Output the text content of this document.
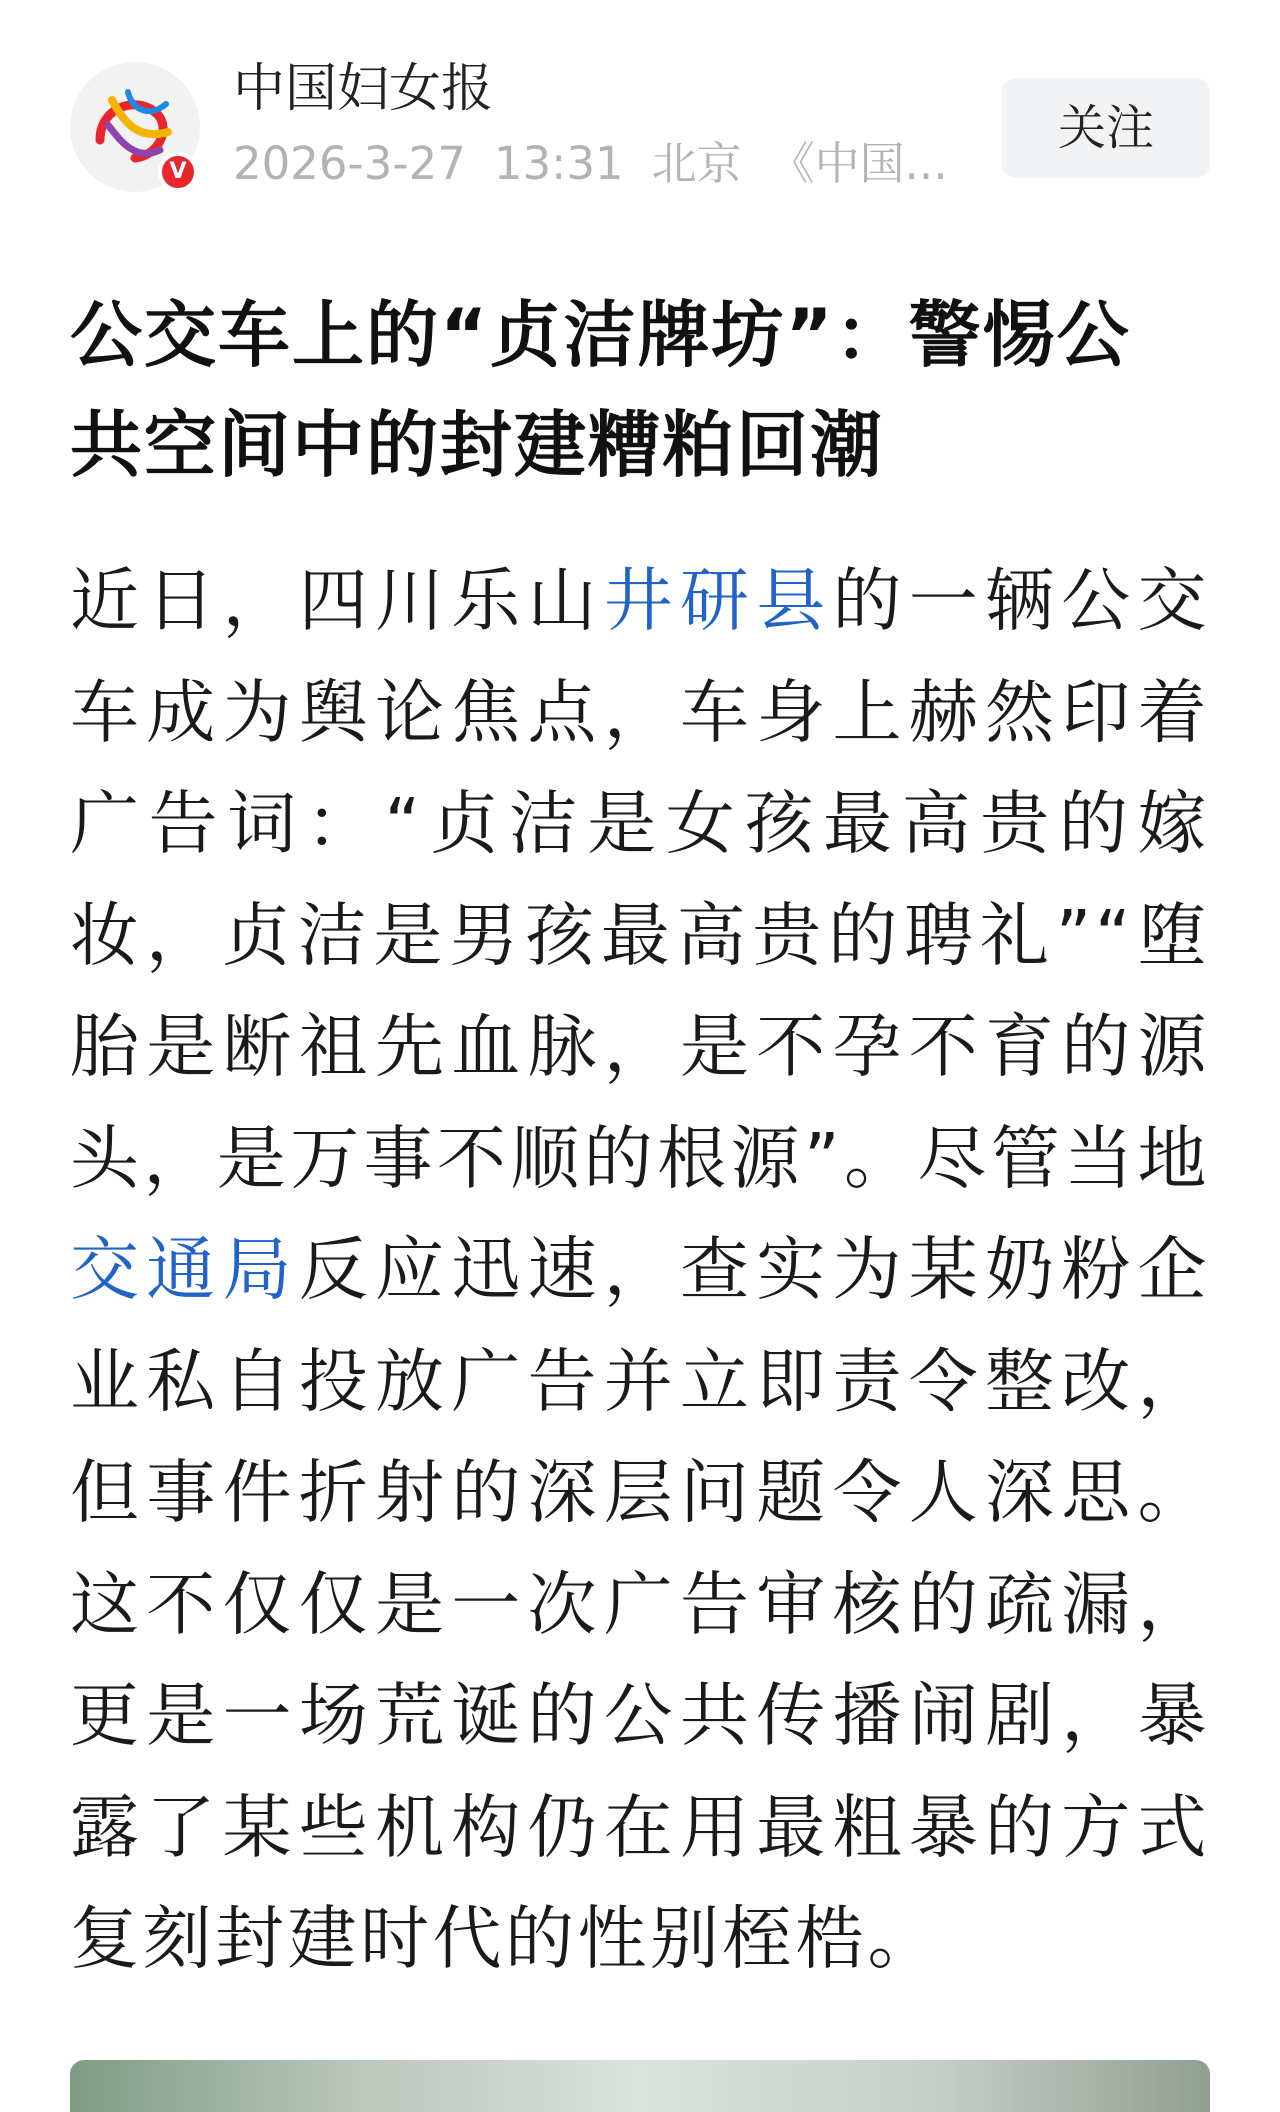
V
中国妇女报
2026-3-27 13:31 北京 《中国...
关注
公交车上的“贞洁牌坊”：警惕公共空间中的封建糟粕回潮

近日，四川乐山井研县的一辆公交车成为舆论焦点，车身上赫然印着广告词：“贞洁是女孩最高贵的嫁妆，贞洁是男孩最高贵的聘礼”“堕胎是断祖先血脉，是不孕不育的源头，是万事不顺的根源”。尽管当地交通局反应迅速，查实为某奶粉企业私自投放广告并立即责令整改，但事件折射的深层问题令人深思。这不仅仅是一次广告审核的疏漏，更是一场荒诞的公共传播闹剧，暴露了某些机构仍在用最粗暴的方式复刻封建时代的性别桎梏。
